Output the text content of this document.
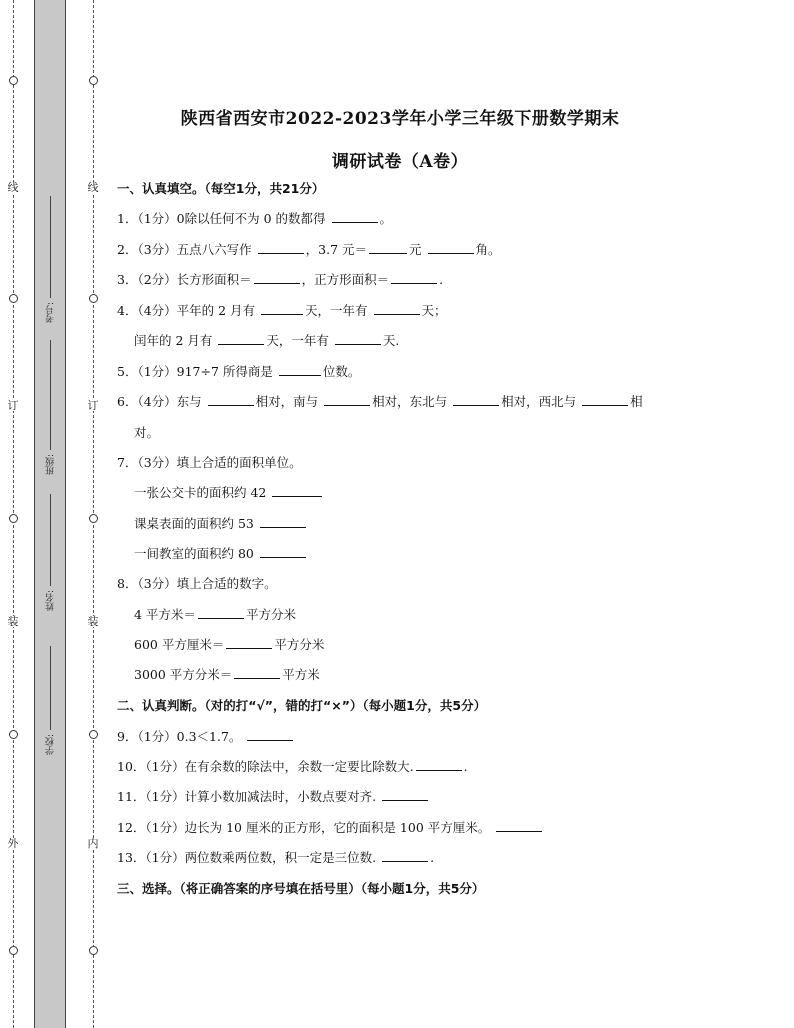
线
订
装
外
线
订
装
内
考号:
班级:
姓名:
学校:
陕西省西安市2022-2023学年小学三年级下册数学期末
调研试卷（A卷）
一、认真填空。（每空1分，共21分）
1．（1分）0除以任何不为 0 的数都得	。
2．（3分）五点八六写作	，3.7 元＝	元	角。
3．（2分）长方形面积＝	，正方形面积＝	.
4．（4分）平年的 2 月有	天，一年有	天；
闰年的 2 月有	天，一年有	天.
5．（1分）917÷7 所得商是	位数。
6．（4分）东与	相对，南与	相对，东北与	相对，西北与	相
对。
7．（3分）填上合适的面积单位。
一张公交卡的面积约 42
课桌表面的面积约 53
一间教室的面积约 80
8．（3分）填上合适的数字。
4 平方米＝	平方分米
600 平方厘米＝	平方分米
3000 平方分米＝	平方米
二、认真判断。（对的打“√”，错的打“×”）（每小题1分，共5分）
9．（1分）0.3＜1.7。
10．（1分）在有余数的除法中，余数一定要比除数大.	.
11．（1分）计算小数加减法时，小数点要对齐.
12．（1分）边长为 10 厘米的正方形，它的面积是 100 平方厘米。
13．（1分）两位数乘两位数，积一定是三位数.	.
三、选择。（将正确答案的序号填在括号里）（每小题1分，共5分）
